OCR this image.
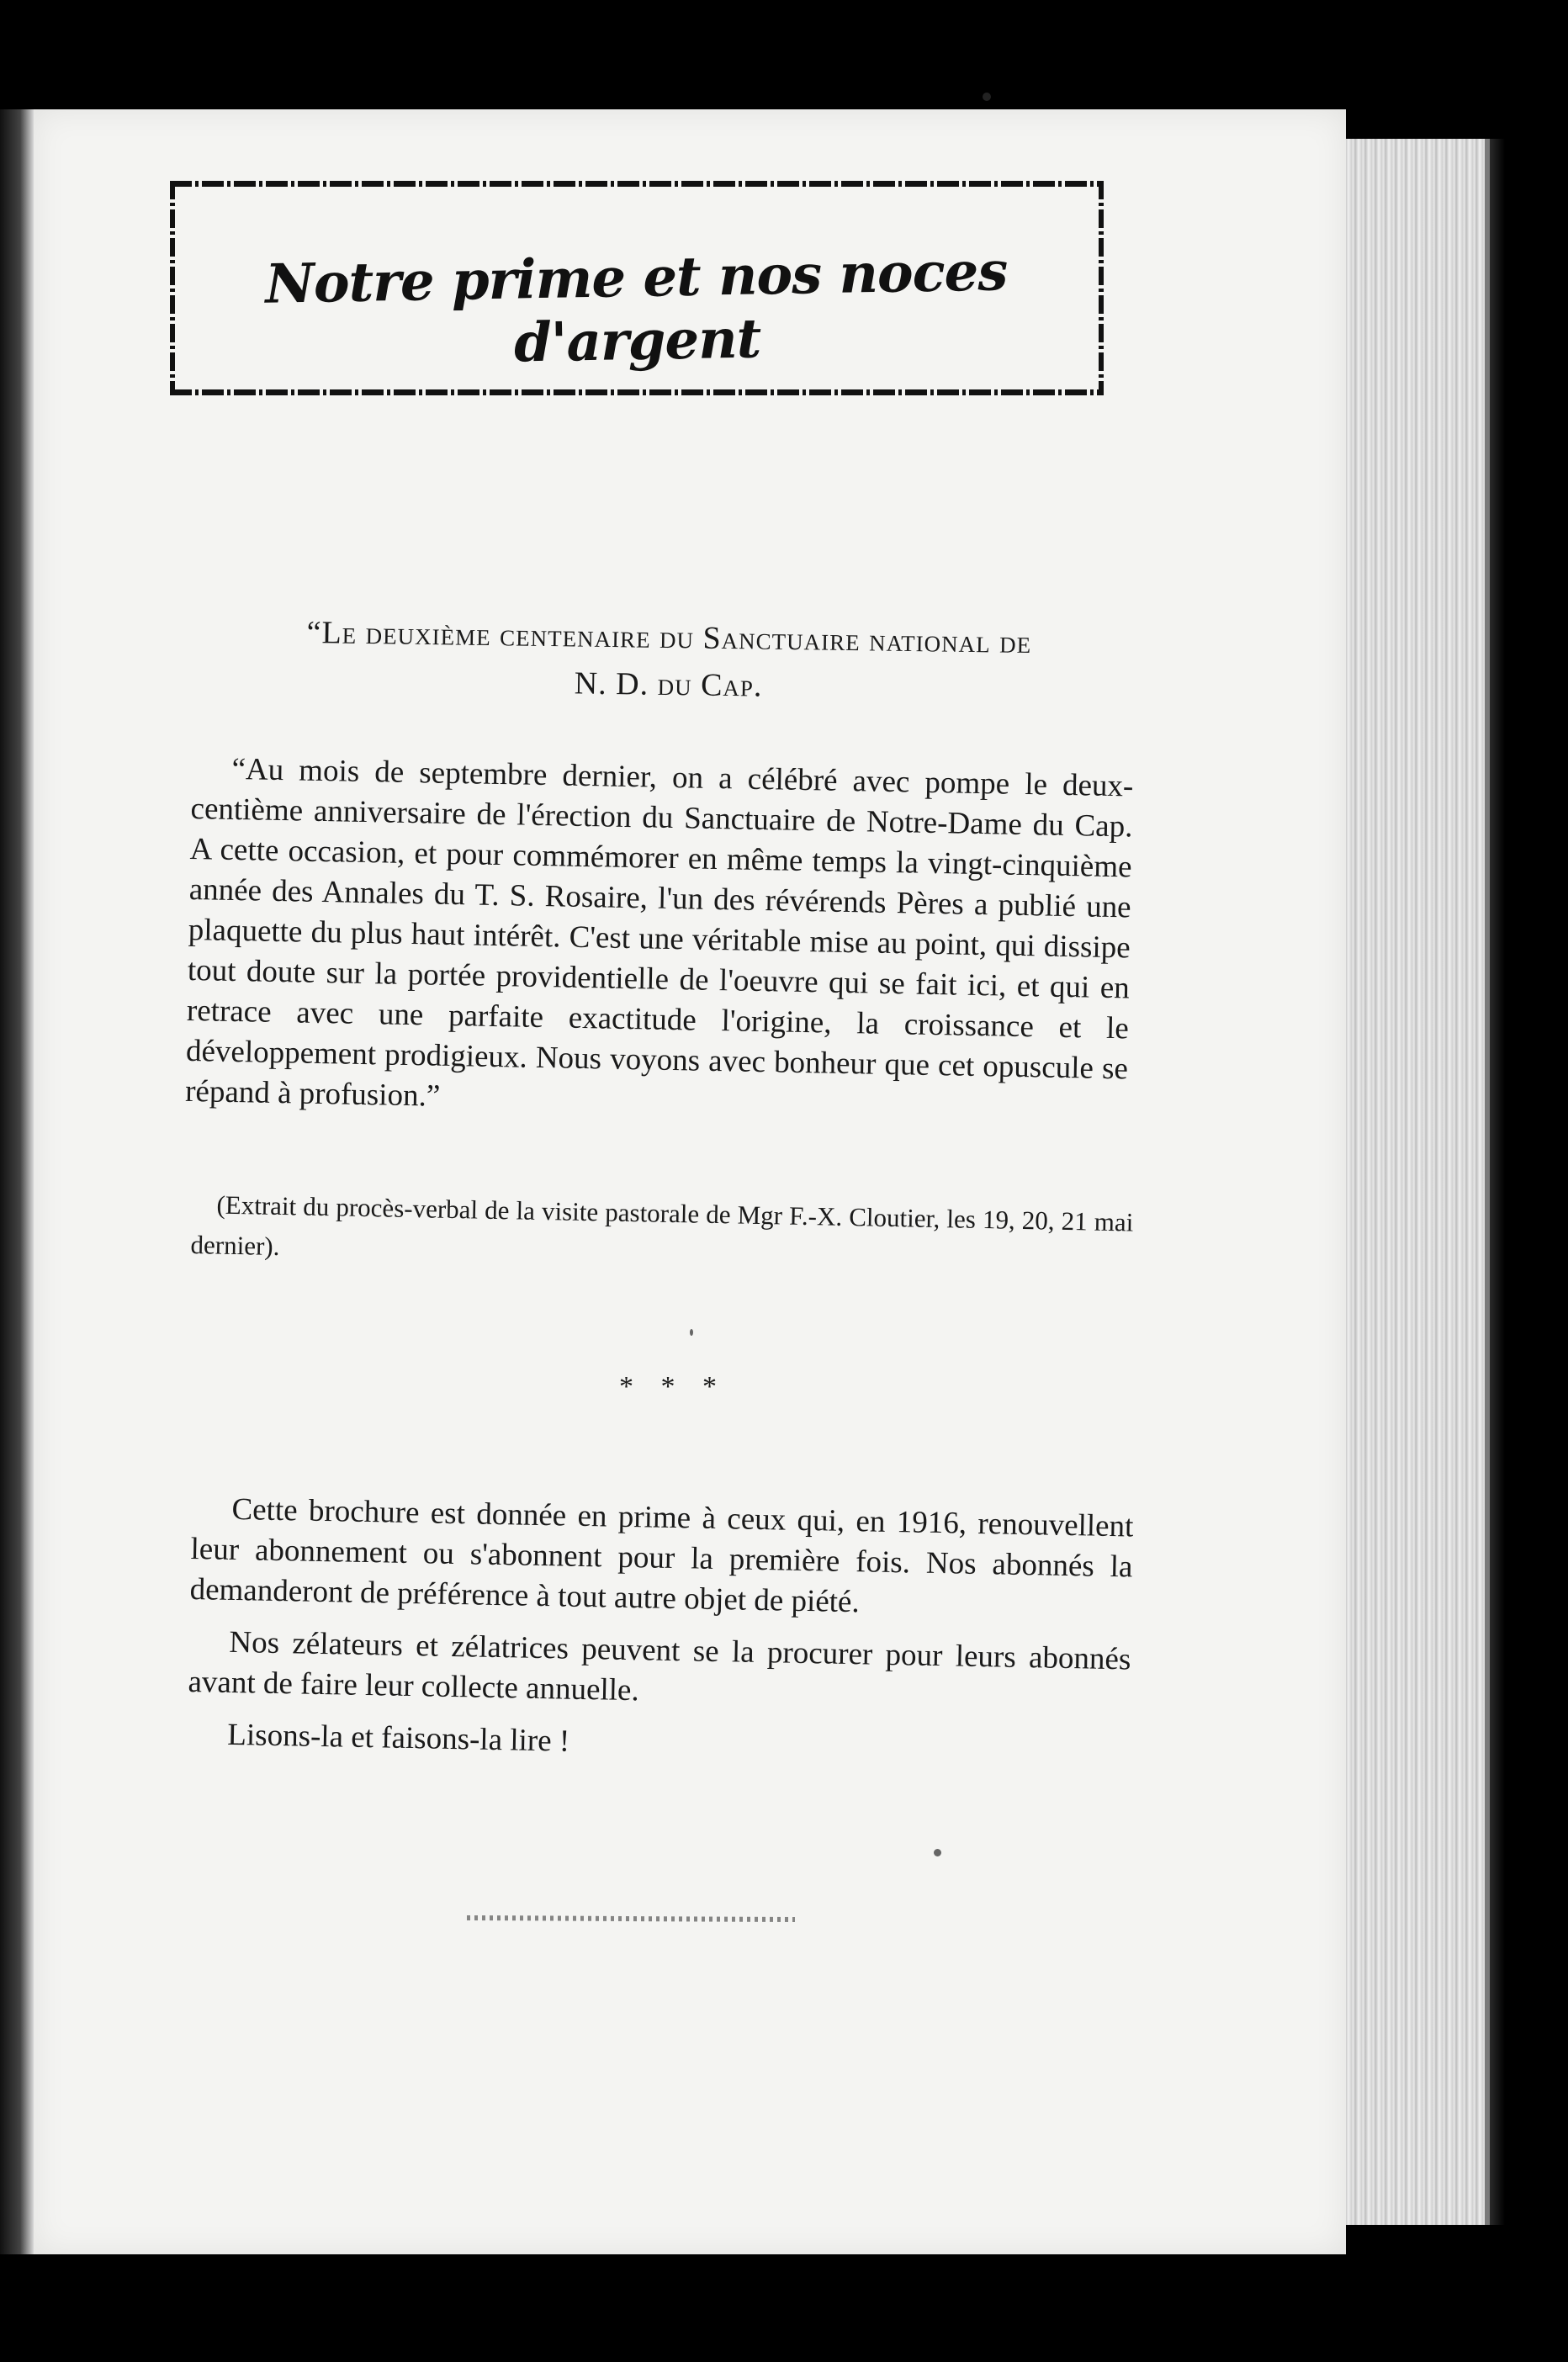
Notre prime et nos noces d'argent
“Le deuxième centenaire du Sanctuaire national de
N. D. du Cap.

“Au mois de septembre dernier, on a célébré avec pompe le deux-centième anniversaire de l'érection du Sanctuaire de Notre-Dame du Cap. A cette occasion, et pour commémorer en même temps la vingt-cinquième année des Annales du T. S. Rosaire, l'un des révérends Pères a publié une plaquette du plus haut intérêt. C'est une véritable mise au point, qui dissipe tout doute sur la portée providentielle de l'oeuvre qui se fait ici, et qui en retrace avec une parfaite exactitude l'origine, la croissance et le développement prodigieux. Nous voyons avec bonheur que cet opuscule se répand à profusion.”

(Extrait du procès-verbal de la visite pastorale de Mgr F.-X. Cloutier, les 19, 20, 21 mai dernier).

* * *

Cette brochure est donnée en prime à ceux qui, en 1916, renouvellent leur abonnement ou s'abonnent pour la première fois. Nos abonnés la demanderont de préférence à tout autre objet de piété.

Nos zélateurs et zélatrices peuvent se la procurer pour leurs abonnés avant de faire leur collecte annuelle.

Lisons-la et faisons-la lire !
